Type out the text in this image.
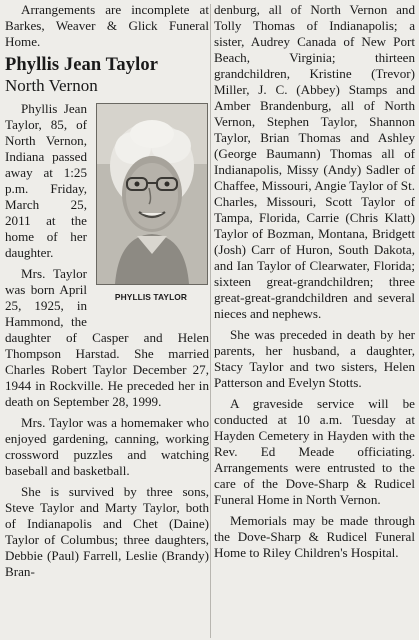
Arrangements are incomplete at Barkes, Weaver & Glick Funeral Home.

Phyllis Jean Taylor
North Vernon
PHYLLIS TAYLOR

Phyllis Jean Taylor, 85, of North Vernon, Indiana passed away at 1:25 p.m. Friday, March 25, 2011 at the home of her daughter.

Mrs. Taylor was born April 25, 1925, in Hammond, the daughter of Casper and Helen Thompson Harstad. She married Charles Robert Taylor December 27, 1944 in Rockville. He preceded her in death on September 28, 1999.

Mrs. Taylor was a homemaker who enjoyed gardening, canning, working crossword puzzles and watching baseball and basketball.

She is survived by three sons, Steve Taylor and Marty Taylor, both of Indianapolis and Chet (Daine) Taylor of Columbus; three daughters, Debbie (Paul) Farrell, Leslie (Brandy) Bran-

denburg, all of North Vernon and Tolly Thomas of Indianapolis; a sister, Audrey Canada of New Port Beach, Virginia; thirteen grandchildren, Kristine (Trevor) Miller, J. C. (Abbey) Stamps and Amber Brandenburg, all of North Vernon, Stephen Taylor, Shannon Taylor, Brian Thomas and Ashley (George Baumann) Thomas all of Indianapolis, Missy (Andy) Sadler of Chaffee, Missouri, Angie Taylor of St. Charles, Missouri, Scott Taylor of Tampa, Florida, Carrie (Chris Klatt) Taylor of Bozman, Montana, Bridgett (Josh) Carr of Huron, South Dakota, and Ian Taylor of Clearwater, Florida; sixteen great-grandchildren; three great-great-grandchildren and several nieces and nephews.

She was preceded in death by her parents, her husband, a daughter, Stacy Taylor and two sisters, Helen Patterson and Evelyn Stotts.

A graveside service will be conducted at 10 a.m. Tuesday at Hayden Cemetery in Hayden with the Rev. Ed Meade officiating. Arrangements were entrusted to the care of the Dove-Sharp & Rudicel Funeral Home in North Vernon.

Memorials may be made through the Dove-Sharp & Rudicel Funeral Home to Riley Children's Hospital.
